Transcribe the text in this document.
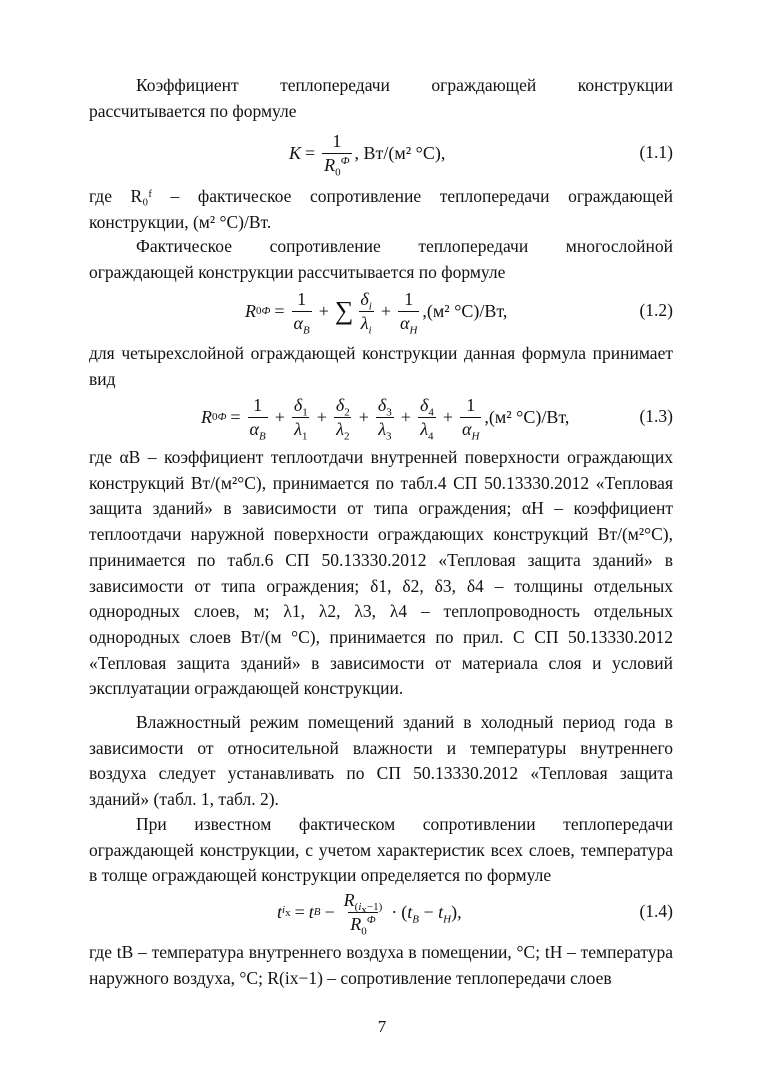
Коэффициент теплопередачи ограждающей конструкции рассчитывается по формуле

$K = \frac{1}{R_0^Ф}$ , Вт/(м² °С),	(1.1)

где R₀ᶠ – фактическое сопротивление теплопередачи ограждающей конструкции, (м² °С)/Вт.

Фактическое сопротивление теплопередачи многослойной ограждающей конструкции рассчитывается по формуле

R 0 $Ф = \frac{1}{\alpha_В}$ + ∑ $\frac{\delta_i}{\lambda_i} + \frac{1}{\alpha_Н} ,(м^2$ °С)/Вт,	(1.2)

для четырехслойной ограждающей конструкции данная формула принимает вид

R 0 $Ф = \frac{1}{\alpha_В} + \frac{\delta_1}{\lambda_1} + \frac{\delta_2}{\lambda_2} + \frac{\delta_3}{\lambda_3} + \frac{\delta_4}{\lambda_4} + \frac{1}{\alpha_Н} ,(м^2$ °С)/Вт,	(1.3)

где αВ – коэффициент теплоотдачи внутренней поверхности ограждающих конструкций Вт/(м²°С), принимается по табл.4 СП 50.13330.2012 «Тепловая защита зданий» в зависимости от типа ограждения; αН – коэффициент теплоотдачи наружной поверхности ограждающих конструкций Вт/(м²°С), принимается по табл.6 СП 50.13330.2012 «Тепловая защита зданий» в зависимости от типа ограждения; δ1, δ2, δ3, δ4 – толщины отдельных однородных слоев, м; λ1, λ2, λ3, λ4 – теплопроводность отдельных однородных слоев Вт/(м °С), принимается по прил. С СП 50.13330.2012 «Тепловая защита зданий» в зависимости от материала слоя и условий эксплуатации ограждающей конструкции.

Влажностный режим помещений зданий в холодный период года в зависимости от относительной влажности и температуры внутреннего воздуха следует устанавливать по СП 50.13330.2012 «Тепловая защита зданий» (табл. 1, табл. 2).

При известном фактическом сопротивлении теплопередачи ограждающей конструкции, с учетом характеристик всех слоев, температура в толще ограждающей конструкции определяется по формуле

t $i_x = t$ $В - \frac{R_{(i_x-1)}}{R_0^Ф} \cdot (t_В - t_Н)$,	(1.4)

где tВ – температура внутреннего воздуха в помещении, °С; tН – температура наружного воздуха, °С; R(iх−1) – сопротивление теплопередачи слоев

7
